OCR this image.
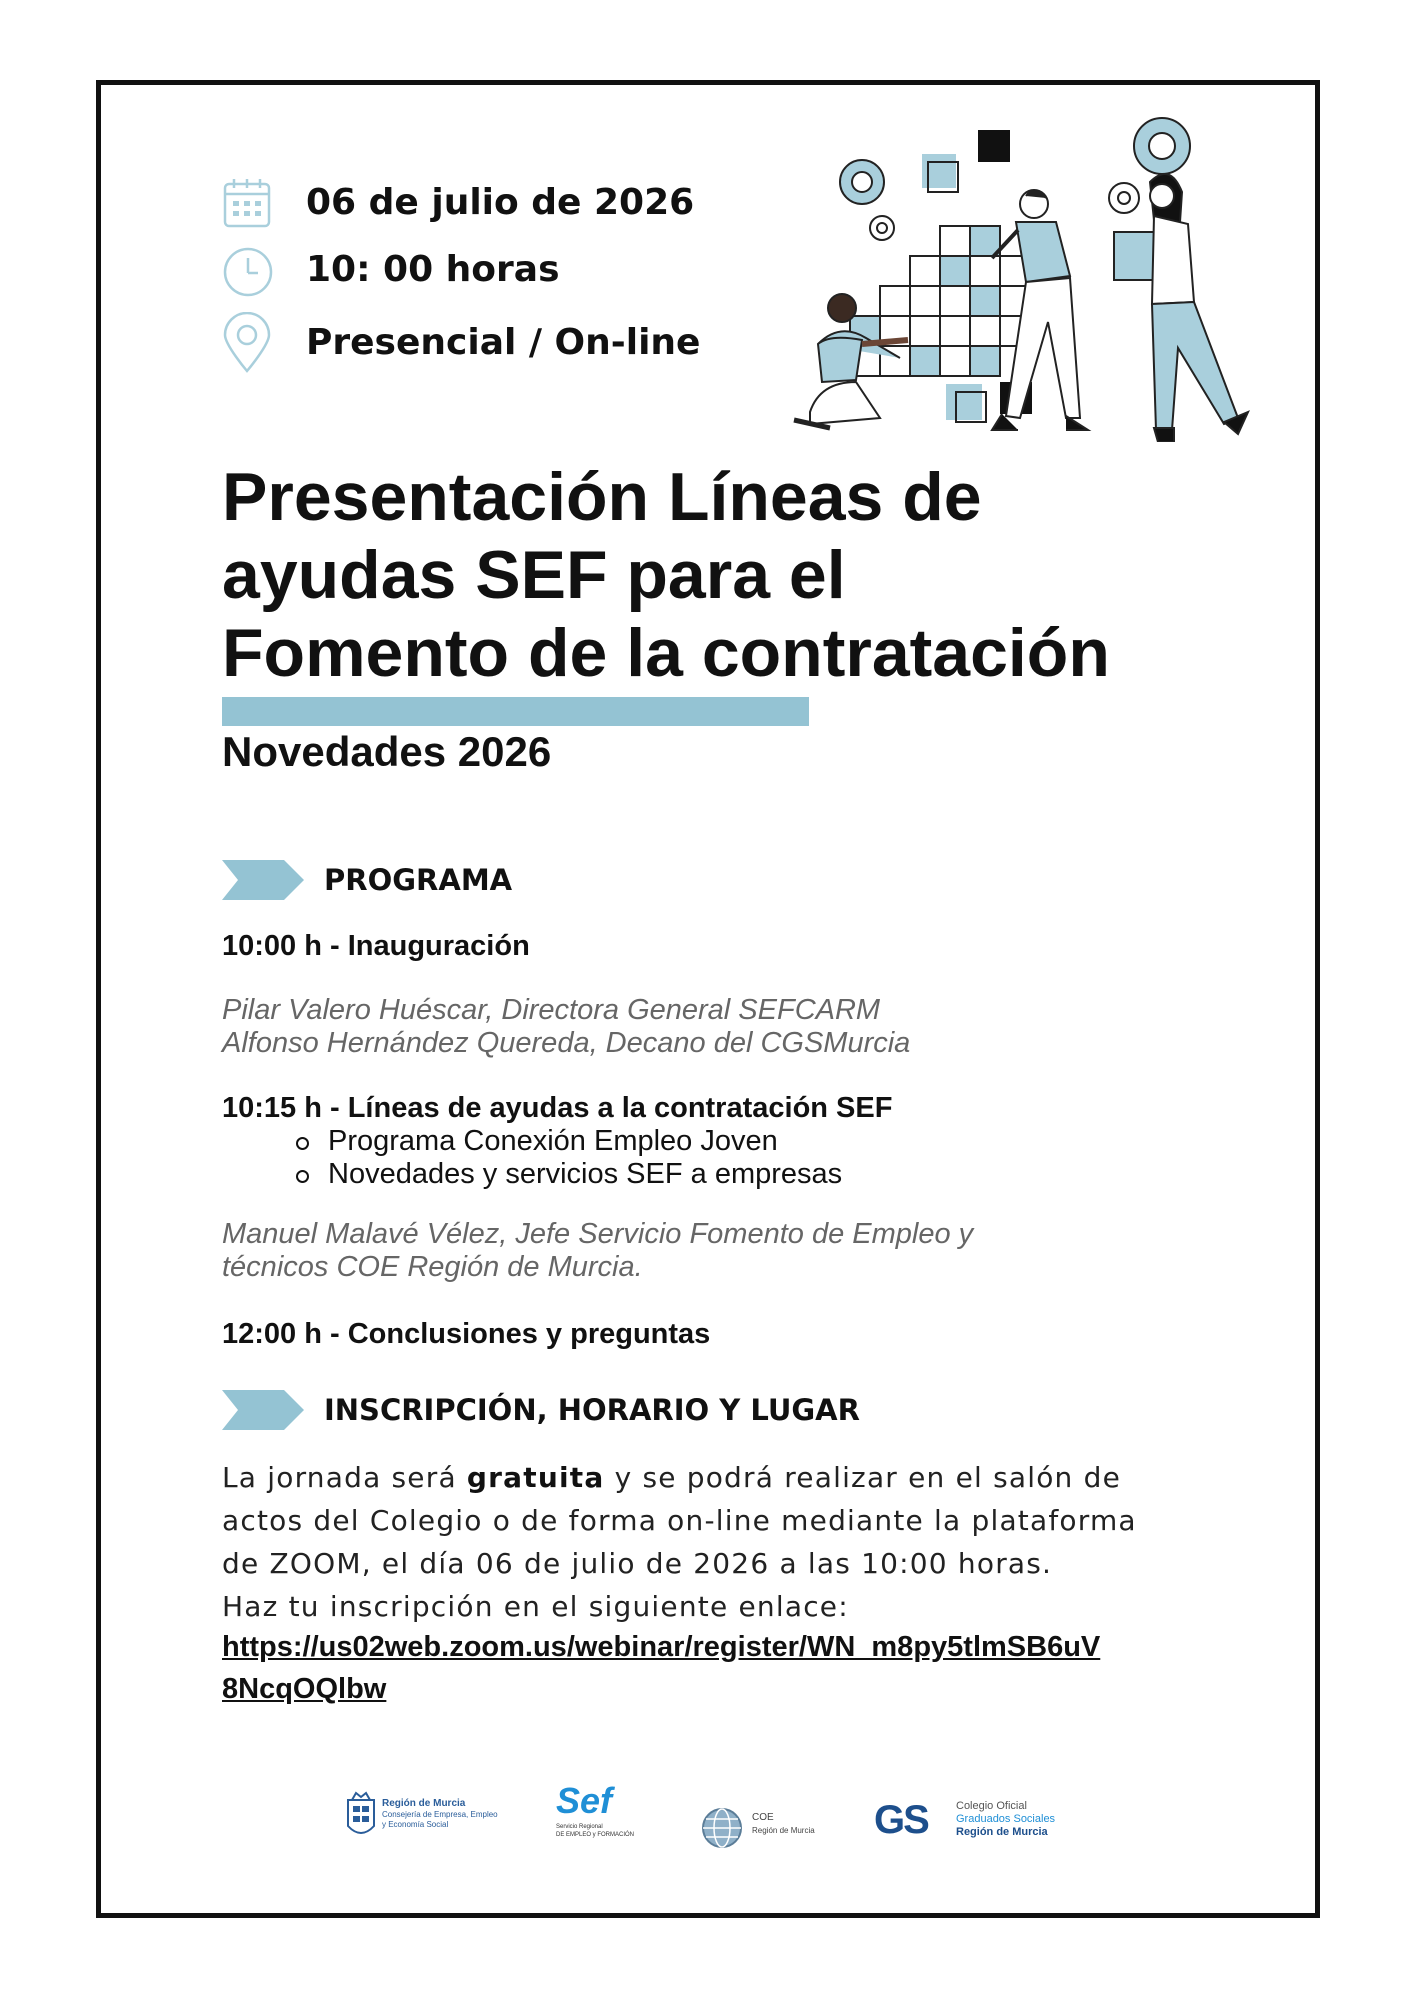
06 de julio de 2026
10: 00 horas
Presencial / On-line
Presentación Líneas de
ayudas SEF para el
Fomento de la contratación
Novedades 2026
PROGRAMA
10:00 h - Inauguración
Pilar Valero Huéscar, Directora General SEFCARM
Alfonso Hernández Quereda, Decano del CGSMurcia
10:15 h - Líneas de ayudas a la contratación SEF
Programa Conexión Empleo Joven
Novedades y servicios SEF a empresas
Manuel Malavé Vélez, Jefe Servicio Fomento de Empleo y
técnicos COE Región de Murcia.
12:00 h - Conclusiones y preguntas
INSCRIPCIÓN, HORARIO Y LUGAR

La jornada será gratuita y se podrá realizar en el salón de

actos del Colegio o de forma on-line mediante la plataforma

de ZOOM, el día 06 de julio de 2026 a las 10:00 horas.

Haz tu inscripción en el siguiente enlace:

https://us02web.zoom.us/webinar/register/WN_m8py5tlmSB6uV
8NcqOQlbw
Región de Murcia
Consejería de Empresa, Empleo
y Economía Social
Sef
Servicio Regional
DE EMPLEO y FORMACIÓN
COE
Región de Murcia GS	Colegio Oficial
Graduados Sociales
Región de Murcia
